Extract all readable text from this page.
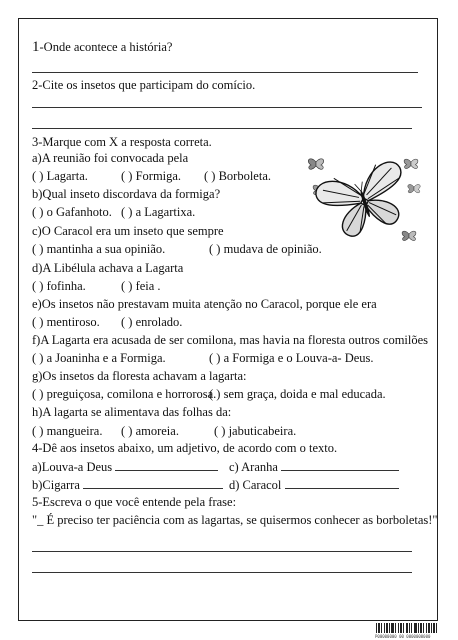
1-Onde acontece a história?
2-Cite os insetos que participam do comício.
3-Marque com X a resposta correta.
a)A reunião foi convocada pela
( ) Lagarta.	( ) Formiga. ( ) Borboleta.
b)Qual inseto discordava da formiga?
( ) o Gafanhoto. ( ) a Lagartixa.
c)O Caracol era um inseto que sempre
( ) mantinha a sua opinião.	( ) mudava de opinião.
d)A Libélula achava a Lagarta
( ) fofinha.	( ) feia .
e)Os insetos não prestavam muita atenção no Caracol, porque ele era
( ) mentiroso. ( ) enrolado.
f)A Lagarta era acusada de ser comilona, mas havia na floresta outros comilões
( ) a Joaninha e a Formiga.	( ) a Formiga e o Louva-a- Deus.
g)Os insetos da floresta achavam a lagarta:
( ) preguiçosa, comilona e horrorosa.
( ) sem graça, doida e mal educada.
h)A lagarta se alimentava das folhas da:
( ) mangueira. ( ) amoreia.	( ) jabuticabeira.
4-Dê aos insetos abaixo, um adjetivo, de acordo com o texto.
a)Louva-a Deus	c) Aranha
b)Cigarra	d) Caracol
5-Escreva o que você entende pela frase:
"_ É preciso ter paciência com as lagartas, se quisermos conhecer as borboletas!"
P00000000 00 0000000000
